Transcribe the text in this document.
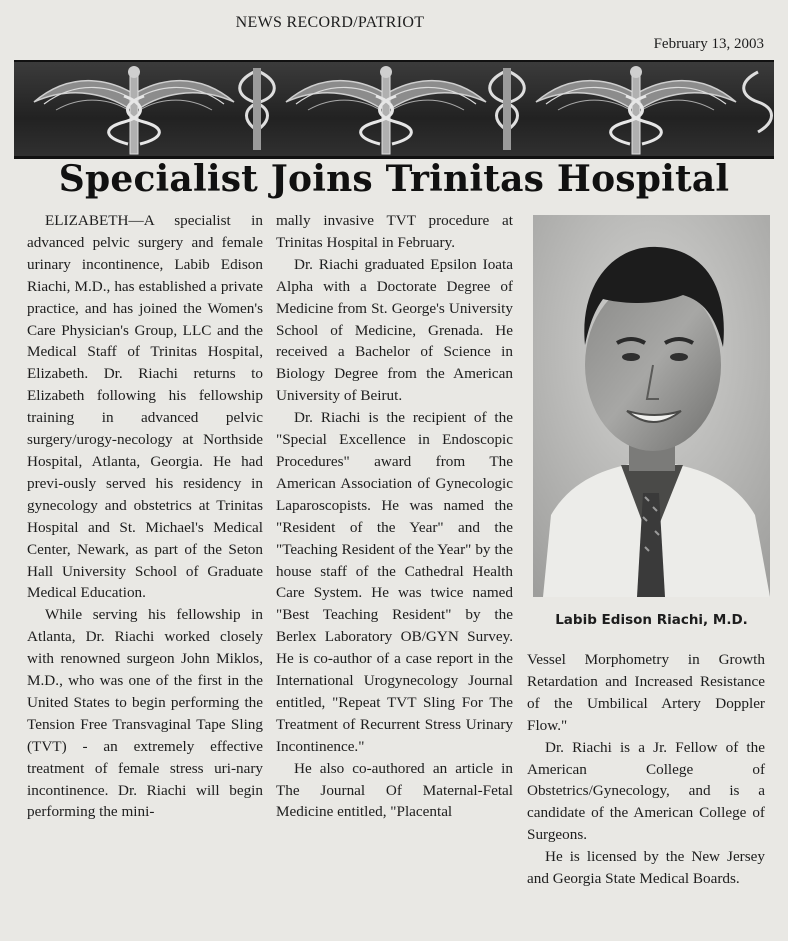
NEWS RECORD/PATRIOT
February 13, 2003
Specialist Joins Trinitas Hospital

ELIZABETH—A specialist in advanced pelvic surgery and female urinary incontinence, Labib Edison Riachi, M.D., has established a private practice, and has joined the Women's Care Physician's Group, LLC and the Medical Staff of Trinitas Hospital, Elizabeth. Dr. Riachi returns to Elizabeth following his fellowship training in advanced pelvic surgery/urogy-necology at Northside Hospital, Atlanta, Georgia. He had previ-ously served his residency in gynecology and obstetrics at Trinitas Hospital and St. Michael's Medical Center, Newark, as part of the Seton Hall University School of Graduate Medical Education.

While serving his fellowship in Atlanta, Dr. Riachi worked closely with renowned surgeon John Miklos, M.D., who was one of the first in the United States to begin performing the Tension Free Transvaginal Tape Sling (TVT) - an extremely effective treatment of female stress uri-nary incontinence. Dr. Riachi will begin performing the mini-

mally invasive TVT procedure at Trinitas Hospital in February.

Dr. Riachi graduated Epsilon Ioata Alpha with a Doctorate Degree of Medicine from St. George's University School of Medicine, Grenada. He received a Bachelor of Science in Biology Degree from the American University of Beirut.

Dr. Riachi is the recipient of the "Special Excellence in Endoscopic Procedures" award from The American Association of Gynecologic Laparoscopists. He was named the "Resident of the Year" and the "Teaching Resident of the Year" by the house staff of the Cathedral Health Care System. He was twice named "Best Teaching Resident" by the Berlex Laboratory OB/GYN Survey. He is co-author of a case report in the International Urogynecology Journal entitled, "Repeat TVT Sling For The Treatment of Recurrent Stress Urinary Incontinence."

He also co-authored an article in The Journal Of Maternal-Fetal Medicine entitled, "Placental

Labib Edison Riachi, M.D.

Vessel Morphometry in Growth Retardation and Increased Resistance of the Umbilical Artery Doppler Flow."

Dr. Riachi is a Jr. Fellow of the American College of Obstetrics/Gynecology, and is a candidate of the American College of Surgeons.

He is licensed by the New Jersey and Georgia State Medical Boards.
